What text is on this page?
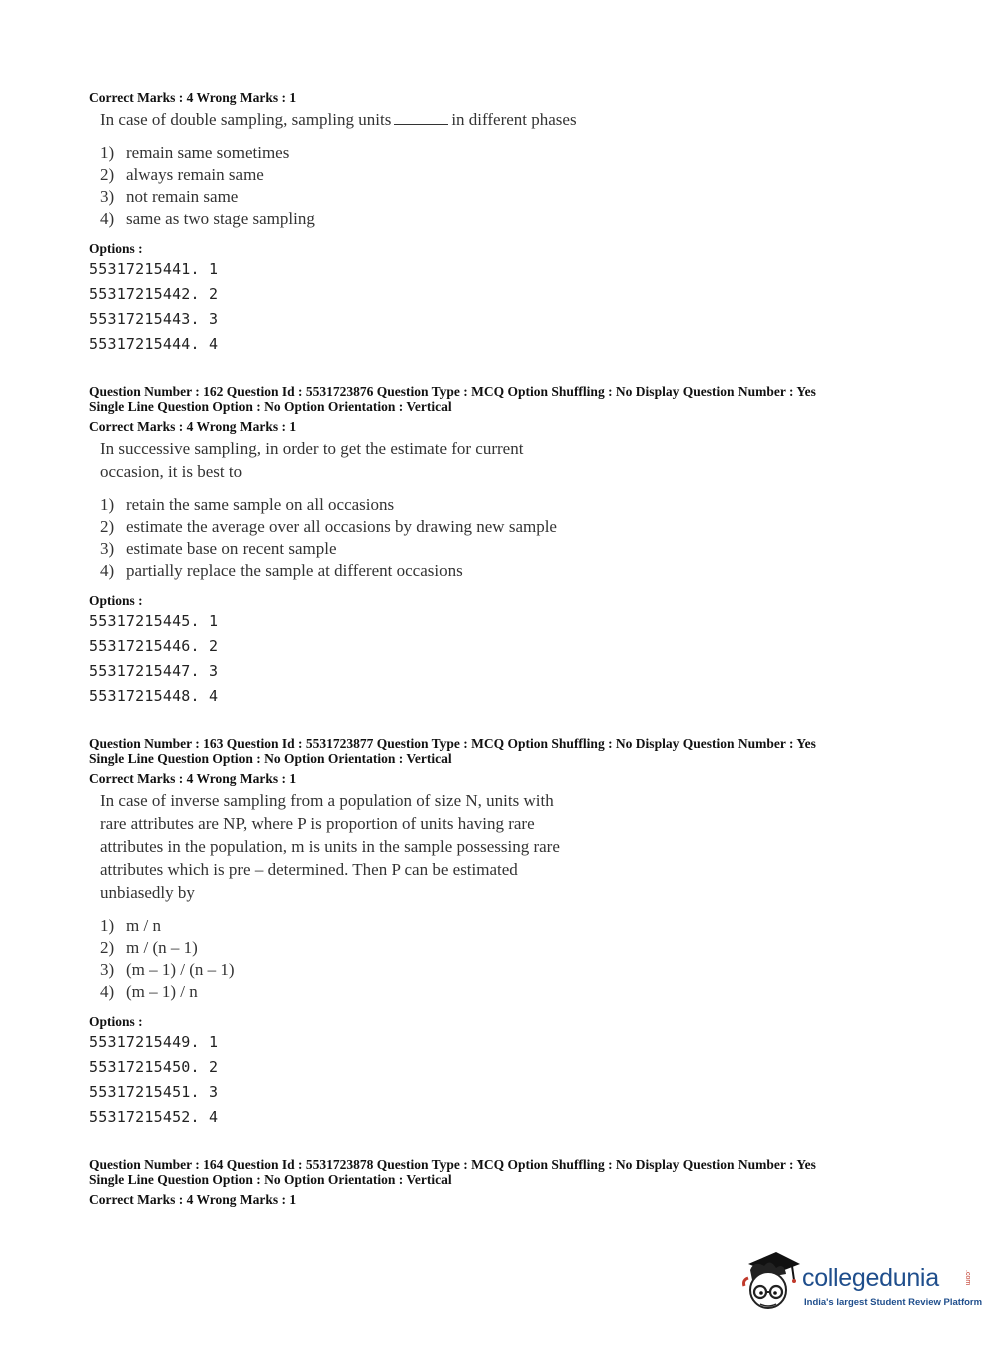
Correct Marks : 4 Wrong Marks : 1
In case of double sampling, sampling units	in different phases
1) remain same sometimes
2) always remain same
3) not remain same
4) same as two stage sampling
Options :
55317215441. 1
55317215442. 2
55317215443. 3
55317215444. 4
Question Number : 162 Question Id : 5531723876 Question Type : MCQ Option Shuffling : No Display Question Number : Yes
Single Line Question Option : No Option Orientation : Vertical
Correct Marks : 4 Wrong Marks : 1
In successive sampling, in order to get the estimate for current
occasion, it is best to
1) retain the same sample on all occasions
2) estimate the average over all occasions by drawing new sample
3) estimate base on recent sample
4) partially replace the sample at different occasions
Options :
55317215445. 1
55317215446. 2
55317215447. 3
55317215448. 4
Question Number : 163 Question Id : 5531723877 Question Type : MCQ Option Shuffling : No Display Question Number : Yes
Single Line Question Option : No Option Orientation : Vertical
Correct Marks : 4 Wrong Marks : 1
In case of inverse sampling from a population of size N, units with
rare attributes are NP, where P is proportion of units having rare
attributes in the population, m is units in the sample possessing rare
attributes which is pre – determined. Then P can be estimated
unbiasedly by
1) m / n
2) m / (n – 1)
3) (m – 1) / (n – 1)
4) (m – 1) / n
Options :
55317215449. 1
55317215450. 2
55317215451. 3
55317215452. 4
Question Number : 164 Question Id : 5531723878 Question Type : MCQ Option Shuffling : No Display Question Number : Yes
Single Line Question Option : No Option Orientation : Vertical
Correct Marks : 4 Wrong Marks : 1
collegedunia	.com
India's largest Student Review Platform
